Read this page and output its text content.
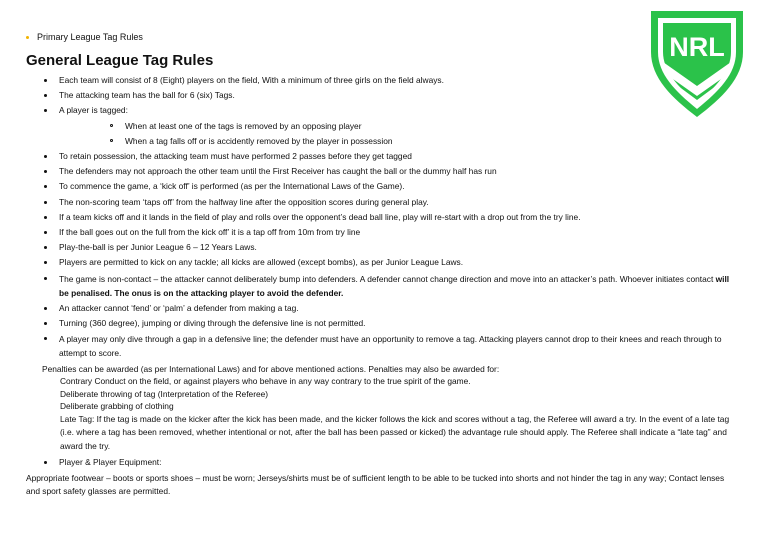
Primary League Tag Rules
General League Tag Rules	NRL
Each team will consist of 8 (Eight) players on the field, With a minimum of three girls on the field always.
The attacking team has the ball for 6 (six) Tags.
A player is tagged:
When at least one of the tags is removed by an opposing player
When a tag falls off or is accidently removed by the player in possession
To retain possession, the attacking team must have performed 2 passes before they get tagged
The defenders may not approach the other team until the First Receiver has caught the ball or the dummy half has run
To commence the game, a ‘kick off’ is performed (as per the International Laws of the Game).
The non-scoring team ‘taps off’ from the halfway line after the opposition scores during general play.
If a team kicks off and it lands in the field of play and rolls over the opponent’s dead ball line, play will re-start with a drop out from the try line.
If the ball goes out on the full from the kick off’ it is a tap off from 10m from try line
Play-the-ball is per Junior League 6 – 12 Years Laws.
Players are permitted to kick on any tackle; all kicks are allowed (except bombs), as per Junior League Laws.
The game is non-contact – the attacker cannot deliberately bump into defenders. A defender cannot change direction and move into an attacker’s path. Whoever initiates contact will be penalised. The onus is on the attacking player to avoid the defender.
An attacker cannot ‘fend’ or ‘palm’ a defender from making a tag.
Turning (360 degree), jumping or diving through the defensive line is not permitted.
A player may only dive through a gap in a defensive line; the defender must have an opportunity to remove a tag. Attacking players cannot drop to their knees and reach through to attempt to score.
Penalties can be awarded (as per International Laws) and for above mentioned actions. Penalties may also be awarded for:
Contrary Conduct on the field, or against players who behave in any way contrary to the true spirit of the game.
Deliberate throwing of tag (Interpretation of the Referee)
Deliberate grabbing of clothing
Late Tag: If the tag is made on the kicker after the kick has been made, and the kicker follows the kick and scores without a tag, the Referee will award a try. In the event of a late tag (i.e. where a tag has been removed, whether intentional or not, after the ball has been passed or kicked) the advantage rule should apply. The Referee shall indicate a “late tag” and award the try.
Player & Player Equipment:
Appropriate footwear – boots or sports shoes – must be worn; Jerseys/shirts must be of sufficient length to be able to be tucked into shorts and not hinder the tag in any way; Contact lenses and sport safety glasses are permitted.
